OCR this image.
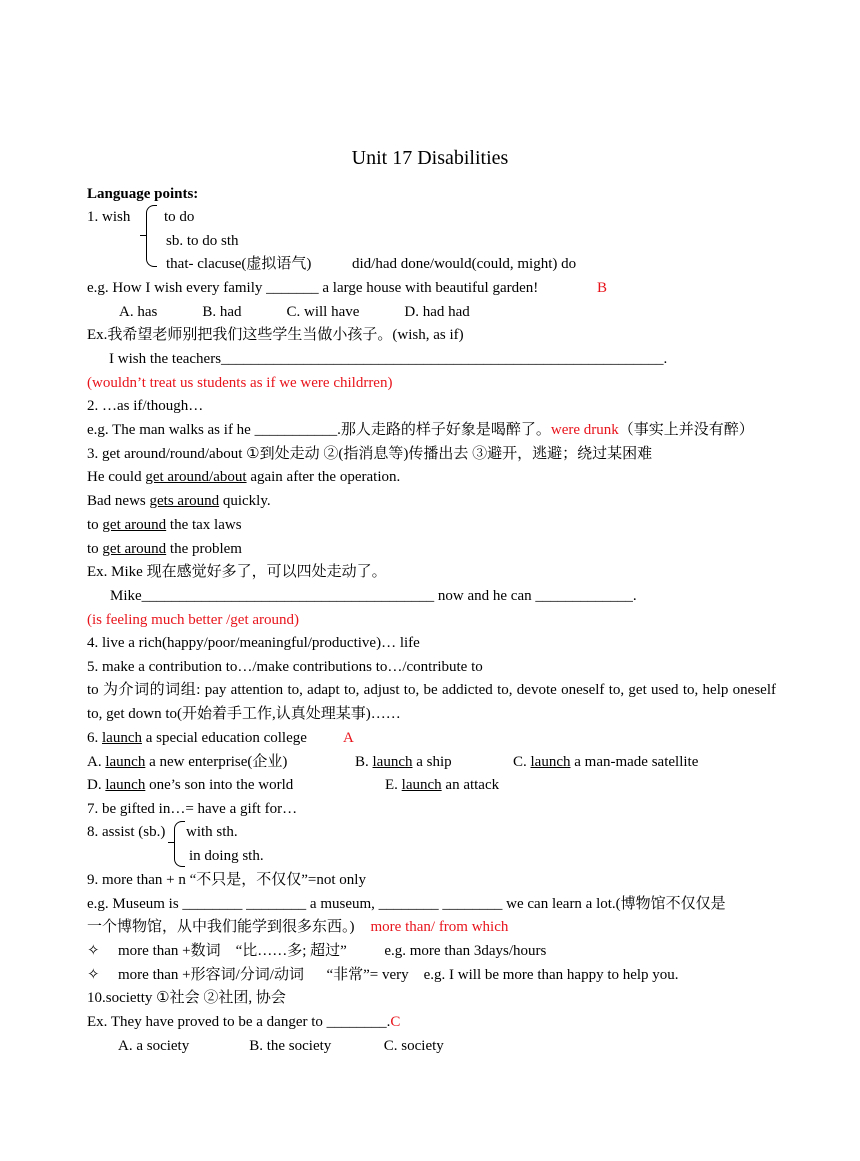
Unit 17 Disabilities
Language points:
1. wish to do
sb. to do sth
that- clacuse(虚拟语气)	did/had done/would(could, might) do
e.g. How I wish every family _______ a large house with beautiful garden!	B
A. has            B. had            C. will have            D. had had
Ex.我希望老师别把我们这些学生当做小孩子。(wish, as if)
I wish the teachers___________________________________________________________.
(wouldn’t treat us students as if we were childrren)
2. …as if/though…
e.g. The man walks as if he ___________.那人走路的样子好象是喝醉了。were drunk（事实上并没有醉）
3. get around/round/about ①到处走动 ②(指消息等)传播出去 ③避开，逃避；绕过某困难
He could get around/about again after the operation.
Bad news gets around quickly.
to get around the tax laws
to get around the problem
Ex. Mike 现在感觉好多了，可以四处走动了。
Mike_______________________________________ now and he can _____________.
(is feeling much better /get around)
4. live a rich(happy/poor/meaningful/productive)… life
5. make a contribution to…/make contributions to…/contribute to
to 为介词的词组: pay attention to, adapt to, adjust to, be addicted to, devote oneself to, get used to, help oneself to, get down to(开始着手工作,认真处理某事)……
6. launch a special education college A
A. launch a new enterprise(企业)	B. launch a ship	C. launch a man-made satellite
D. launch one’s son into the world	E. launch an attack
7. be gifted in…= have a gift for…
8. assist (sb.) with sth.
in doing sth.
9. more than + n “不只是，不仅仅”=not only
e.g. Museum is ________ ________ a museum, ________ ________ we can learn a lot.(博物馆不仅仅是
一个博物馆，从中我们能学到很多东西。) more than/ from which
✧ more than +数词    “比……多; 超过”          e.g. more than 3days/hours
✧ more than +形容词/分词/动词      “非常”= very    e.g. I will be more than happy to help you.
10.societty ①社会 ②社团, 协会
Ex. They have proved to be a danger to ________.C
A. a society                B. the society              C. society
